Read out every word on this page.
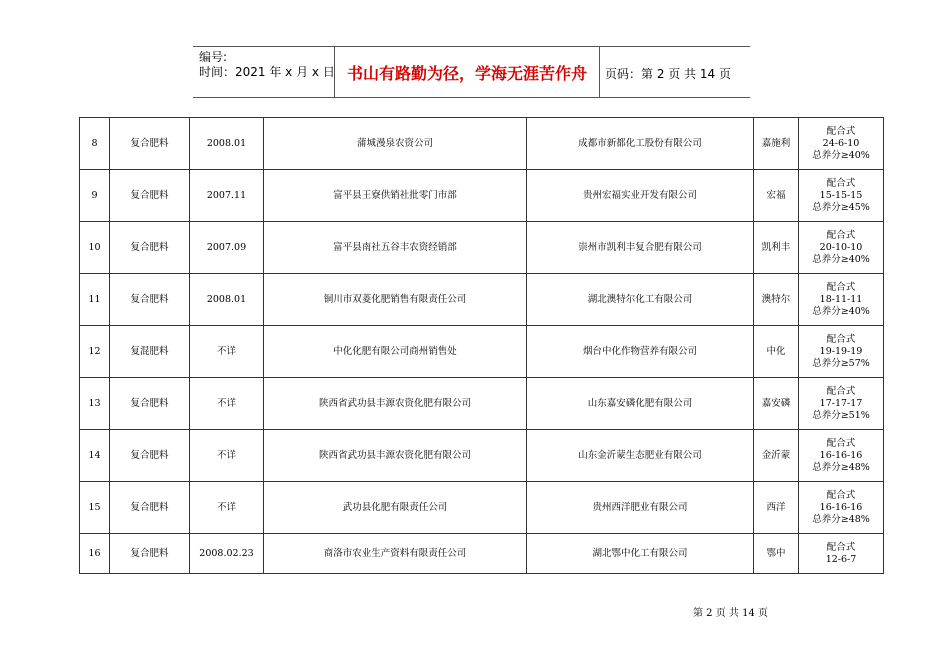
编号:
时间：2021 年 x 月 x 日 书山有路勤为径，学海无涯苦作舟	页码：第 2 页 共 14 页
8	复合肥料	2008.01	蒲城漫泉农资公司	成都市新都化工股份有限公司	嘉施利	配合式
24-6-10
总养分≥40%

9	复合肥料	2007.11	富平县王寮供销社批零门市部	贵州宏福实业开发有限公司	宏福	配合式
15-15-15
总养分≥45%

10	复合肥料	2007.09	富平县南社五谷丰农资经销部	崇州市凯利丰复合肥有限公司	凯利丰	配合式
20-10-10
总养分≥40%

11	复合肥料	2008.01	铜川市双菱化肥销售有限责任公司	湖北澳特尔化工有限公司	澳特尔	配合式
18-11-11
总养分≥40%

12	复混肥料	不详	中化化肥有限公司商州销售处	烟台中化作物营养有限公司	中化	配合式
19-19-19
总养分≥57%

13	复合肥料	不详	陕西省武功县丰源农资化肥有限公司	山东嘉安磷化肥有限公司	嘉安磷	配合式
17-17-17
总养分≥51%

14	复合肥料	不详	陕西省武功县丰源农资化肥有限公司	山东金沂蒙生态肥业有限公司	金沂蒙	配合式
16-16-16
总养分≥48%

15	复合肥料	不详	武功县化肥有限责任公司	贵州西洋肥业有限公司	西洋	配合式
16-16-16
总养分≥48%

16	复合肥料	2008.02.23	商洛市农业生产资料有限责任公司	湖北鄂中化工有限公司	鄂中	配合式
12-6-7
第 2 页 共 14 页
